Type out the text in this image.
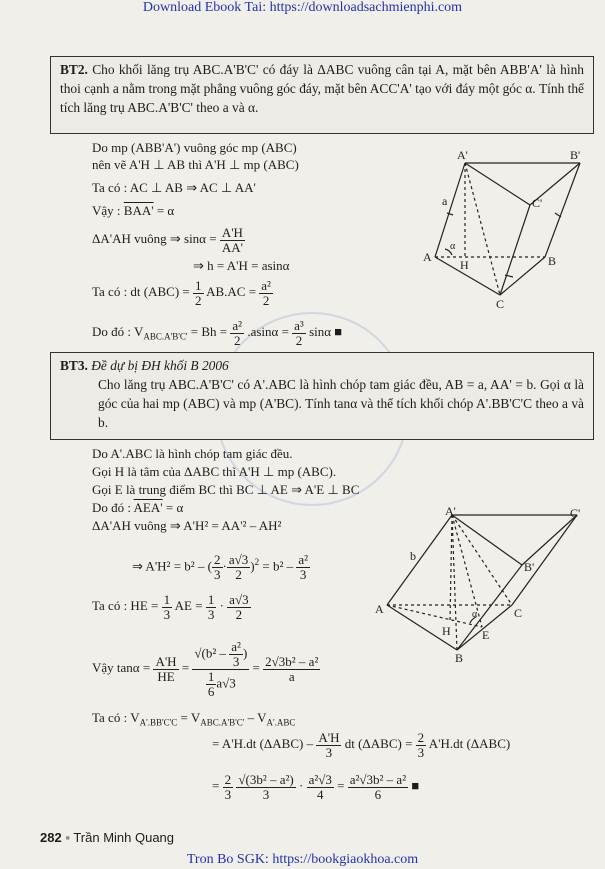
Download Ebook Tai: https://downloadsachmienphi.com
BT2. Cho khối lăng trụ ABC.A'B'C' có đáy là ΔABC vuông cân tại A, mặt bên ABB'A' là hình thoi cạnh a nằm trong mặt phẳng vuông góc đáy, mặt bên ACC'A' tạo với đáy một góc α. Tính thể tích lăng trụ ABC.A'B'C' theo a và α.
Do mp (ABB'A') vuông góc mp (ABC)
nên vẽ A'H ⊥ AB thì A'H ⊥ mp (ABC)
Ta có : AC ⊥ AB ⇒ AC ⊥ AA'
Vậy : BAA' = α
ΔA'AH vuông ⇒ $\sin\alpha = \frac{A'H}{AA'}$
⇒ h = A'H = asinα
Ta có : dt $(ABC) = \frac{1}{2} AB.AC = \frac{\text{a²}}{2}$
Do đó : $V_{ABC.A'B'C'} = Bh = \frac{\text{a²}}{2} .asin\alpha = \frac{\text{a³}}{2}$ sinα ■
A'	B'
C'
A
H	B
C
a
α
BT3. Đề dự bị ĐH khối B 2006
Cho lăng trụ ABC.A'B'C' có A'.ABC là hình chóp tam giác đều, AB = a, AA' = b. Gọi α là góc của hai mp (ABC) và mp (A'BC). Tính tanα và thể tích khối chóp A'.BB'C'C theo a và b.
Do A'.ABC là hình chóp tam giác đều.
Gọi H là tâm của ΔABC thì A'H ⊥ mp (ABC).
Gọi E là trung điểm BC thì BC ⊥ AE ⇒ A'E ⊥ BC
Do đó : AEA' = α
ΔA'AH vuông ⇒ A'H² = AA'² – AH²
⇒ A'H² = b² – ( $\frac{2}{3} \cdot \frac{a√3}{2} )^2 = b^2 - \frac{\text{a²}}{3}$
Ta có : HE = $\frac{1}{3}$ AE = $\frac{1}{3} \cdot \frac{a√3}{2}$
Vậy $\tan\alpha = \frac{A'H}{HE} = \frac{√(b^2 - \frac{\text{a²}}{3} )}{\frac{1}{6} a√3} = \frac{\text{2√3b² – a²}}{a}$
Ta có : $V_{A'.BB'C'C} = V_{ABC.A'B'C'} - V_{A'.ABC}$
= A'H.dt $(\Delta ABC) - \frac{A'H}{3}$ dt $(\Delta ABC) = \frac{2}{3} A'H.dt$ (ΔABC)
= $\frac{2}{3}$
$\frac{\text{√(3b² – a²)}}{3} \cdot \frac{\text{a²√3}}{4} = \frac{\text{a²√3b² – a²}}{6}$ ■
A'	C'
B'
A
H	E
C
B
b
α
282 ▪ Trần Minh Quang
Tron Bo SGK: https://bookgiaokhoa.com
